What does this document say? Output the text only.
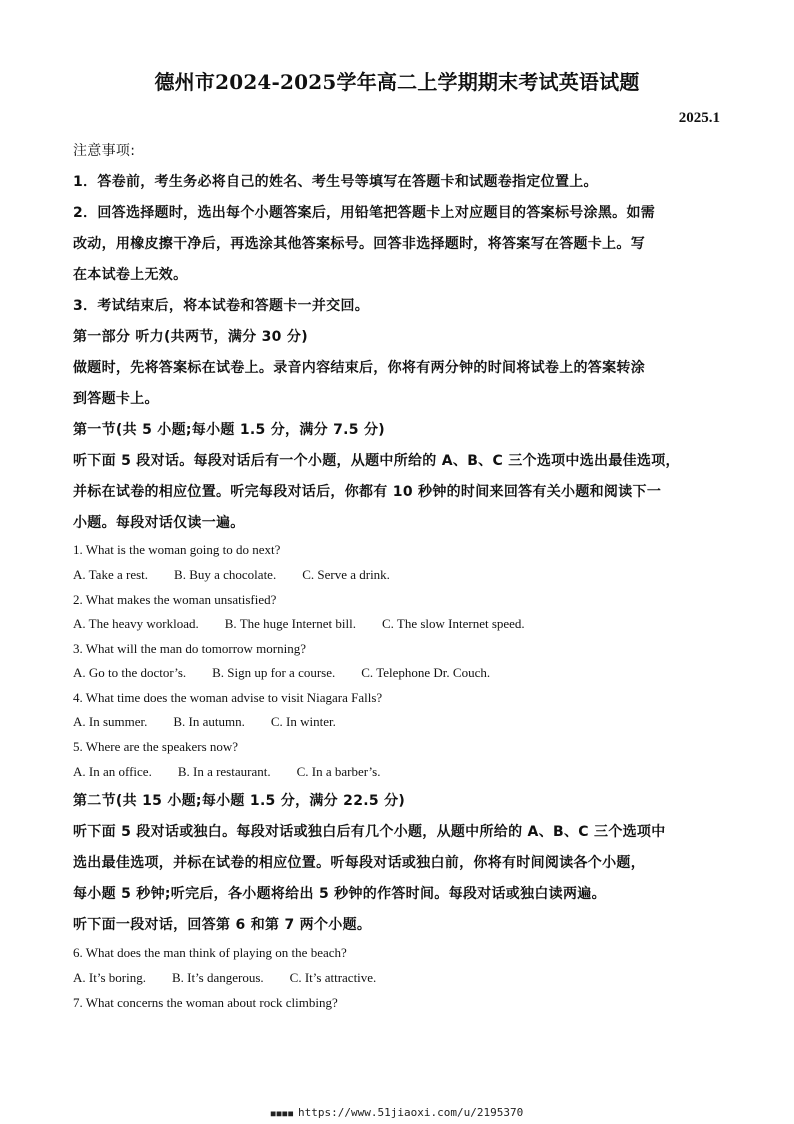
德州市2024-2025学年高二上学期期末考试英语试题
2025.1
注意事项:
1．答卷前，考生务必将自己的姓名、考生号等填写在答题卡和试题卷指定位置上。
2．回答选择题时，选出每个小题答案后，用铅笔把答题卡上对应题目的答案标号涂黑。如需
改动，用橡皮擦干净后，再选涂其他答案标号。回答非选择题时，将答案写在答题卡上。写
在本试卷上无效。
3．考试结束后，将本试卷和答题卡一并交回。
第一部分 听力(共两节，满分 30 分)
做题时，先将答案标在试卷上。录音内容结束后，你将有两分钟的时间将试卷上的答案转涂
到答题卡上。
第一节(共 5 小题;每小题 1.5 分，满分 7.5 分)
听下面 5 段对话。每段对话后有一个小题，从题中所给的 A、B、C 三个选项中选出最佳选项，
并标在试卷的相应位置。听完每段对话后，你都有 10 秒钟的时间来回答有关小题和阅读下一
小题。每段对话仅读一遍。
1. What is the woman going to do next?
A. Take a rest. B. Buy a chocolate. C. Serve a drink.
2. What makes the woman unsatisfied?
A. The heavy workload. B. The huge Internet bill. C. The slow Internet speed.
3. What will the man do tomorrow morning?
A. Go to the doctor’s. B. Sign up for a course. C. Telephone Dr. Couch.
4. What time does the woman advise to visit Niagara Falls?
A. In summer. B. In autumn. C. In winter.
5. Where are the speakers now?
A. In an office. B. In a restaurant. C. In a barber’s.
第二节(共 15 小题;每小题 1.5 分，满分 22.5 分)
听下面 5 段对话或独白。每段对话或独白后有几个小题，从题中所给的 A、B、C 三个选项中
选出最佳选项，并标在试卷的相应位置。听每段对话或独白前，你将有时间阅读各个小题，
每小题 5 秒钟;听完后，各小题将给出 5 秒钟的作答时间。每段对话或独白读两遍。
听下面一段对话，回答第 6 和第 7 两个小题。
6. What does the man think of playing on the beach?
A. It’s boring. B. It’s dangerous. C. It’s attractive.
7. What concerns the woman about rock climbing?
■■■■ https://www.51jiaoxi.com/u/2195370
